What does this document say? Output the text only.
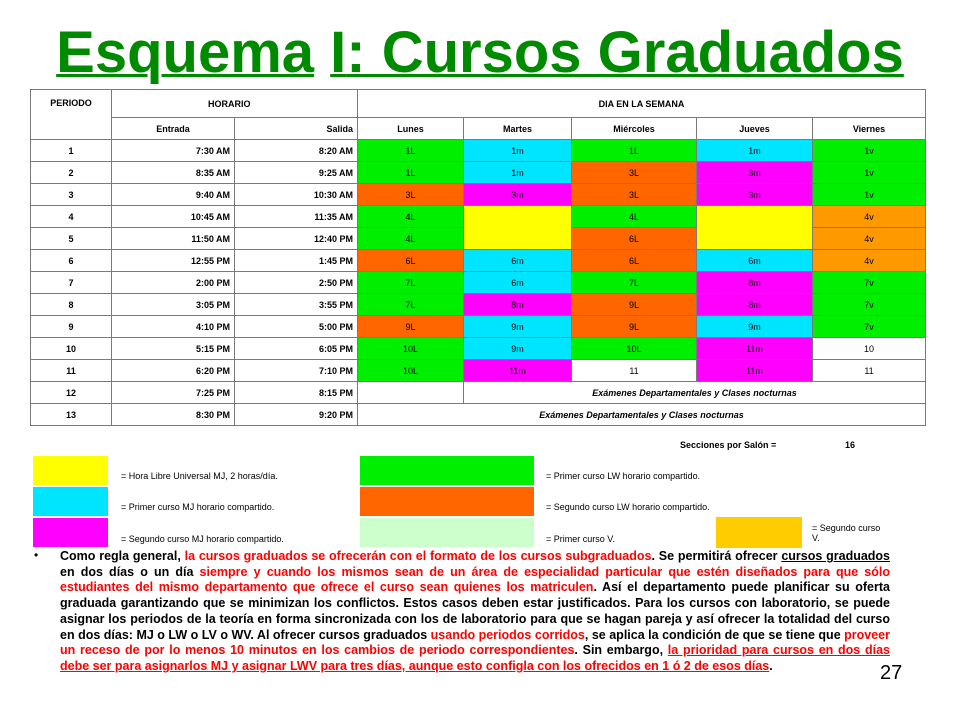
Esquema I: Cursos Graduados
PERIODO	HORARIO		DIA EN LA SEMANA				
	Entrada	Salida	Lunes	Martes	Miércoles	Jueves	Viernes
1	7:30 AM	8:20 AM	1L	1m	1L	1m	1v
2	8:35 AM	9:25 AM	1L	1m	3L	3m	1v
3	9:40 AM	10:30 AM	3L	3m	3L	3m	1v
4	10:45 AM	11:35 AM	4L		4L		4v
5	11:50 AM	12:40 PM	4L		6L		4v
6	12:55 PM	1:45 PM	6L	6m	6L	6m	4v
7	2:00 PM	2:50 PM	7L	6m	7L	8m	7v
8	3:05 PM	3:55 PM	7L	8m	9L	8m	7v
9	4:10 PM	5:00 PM	9L	9m	9L	9m	7v
10	5:15 PM	6:05 PM	10L	9m	10L	11m	10
11	6:20 PM	7:10 PM	10L	11m	11	11m	11
12	7:25 PM	8:15 PM		Exámenes Departamentales y Clases nocturnas			
13	8:30 PM	9:20 PM	Exámenes Departamentales y Clases nocturnas				
Secciones por Salón =	16
= Hora Libre Universal MJ, 2 horas/día.
= Primer curso MJ horario compartido.
= Segundo curso MJ horario compartido.
= Primer curso LW horario compartido.
= Segundo curso LW horario compartido.
= Primer curso V.
= Segundo curso V.
• Como regla general, la cursos graduados se ofrecerán con el formato de los cursos subgraduados. Se permitirá ofrecer cursos graduados en dos días o un día siempre y cuando los mismos sean de un área de especialidad particular que estén diseñados para que sólo estudiantes del mismo departamento que ofrece el curso sean quienes los matriculen. Así el departamento puede planificar su oferta graduada garantizando que se minimizan los conflictos. Estos casos deben estar justificados. Para los cursos con laboratorio, se puede asignar los periodos de la teoría en forma sincronizada con los de laboratorio para que se hagan pareja y así ofrecer la totalidad del curso en dos días: MJ o LW o LV o WV. Al ofrecer cursos graduados usando periodos corridos, se aplica la condición de que se tiene que proveer un receso de por lo menos 10 minutos en los cambios de periodo correspondientes. Sin embargo, la prioridad para cursos en dos días debe ser para asignarlos MJ y asignar LWV para tres días, aunque esto configla con los ofrecidos en 1 ó 2 de esos días.	27
